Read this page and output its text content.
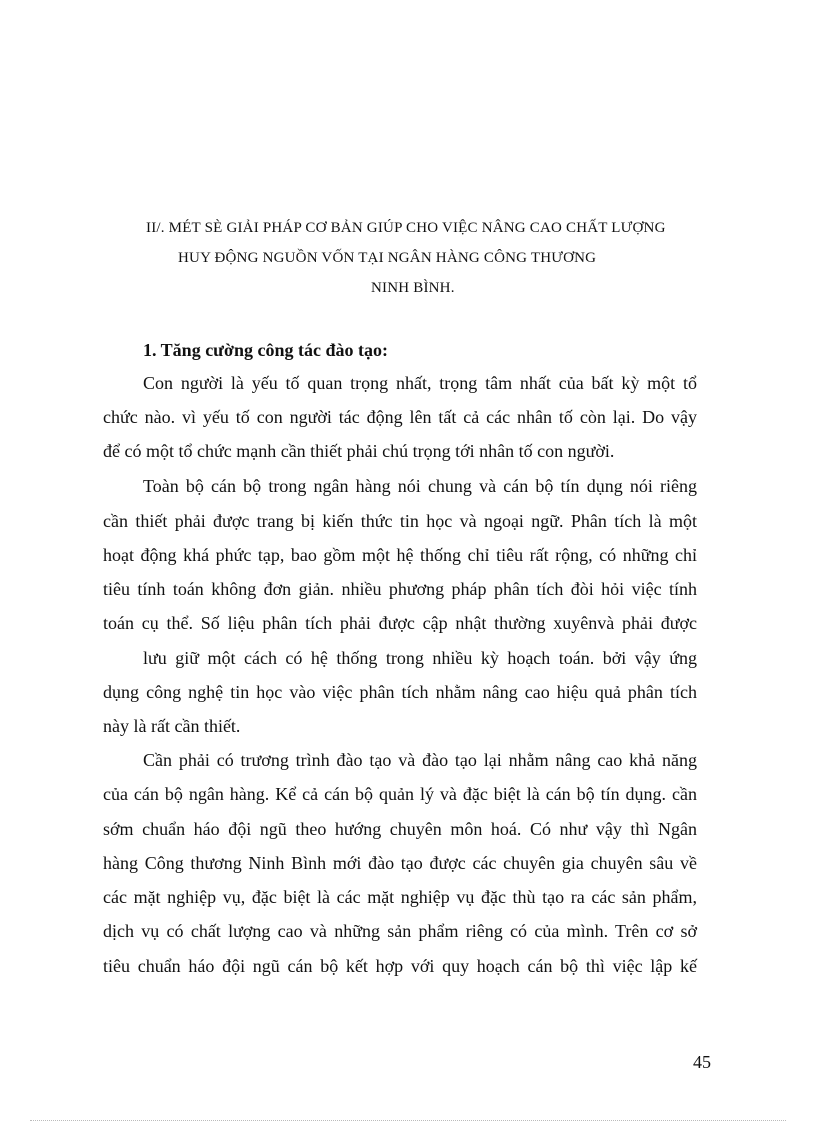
II/. MÉT SÈ GIẢI PHÁP CƠ BẢN GIÚP CHO VIỆC NÂNG CAO CHẤT LƯỢNG
HUY ĐỘNG NGUỒN VỐN TẠI NGÂN HÀNG CÔNG THƯƠNG
NINH BÌNH.
1. Tăng cường công tác đào tạo:
Con người là yếu tố quan trọng nhất, trọng tâm nhất của bất kỳ một tổ
chức nào. vì yếu tố con người tác động lên tất cả các nhân tố còn lại. Do vậy
để có một tổ chức mạnh cần thiết phải chú trọng tới nhân tố con người.
Toàn bộ cán bộ trong ngân hàng nói chung và cán bộ tín dụng nói riêng
cần thiết phải được trang bị kiến thức tin học và ngoại ngữ. Phân tích là một
hoạt động khá phức tạp, bao gồm một hệ thống chỉ tiêu rất rộng, có những chỉ
tiêu tính toán không đơn giản. nhiều phương pháp phân tích đòi hỏi việc tính
toán cụ thể. Số liệu phân tích phải được cập nhật thường xuyênvà phải được
lưu giữ một cách có hệ thống trong nhiều kỳ hoạch toán. bởi vậy ứng
dụng công nghệ tin học vào việc phân tích nhằm nâng cao hiệu quả phân tích
này là rất cần thiết.
Cần phải có trương trình đào tạo và đào tạo lại nhằm nâng cao khả năng
của cán bộ ngân hàng. Kể cả cán bộ quản lý và đặc biệt là cán bộ tín dụng. cần
sớm chuẩn háo đội ngũ theo hướng chuyên môn hoá. Có như vậy thì Ngân
hàng Công thương Ninh Bình mới đào tạo được các chuyên gia chuyên sâu về
các mặt nghiệp vụ, đặc biệt là các mặt nghiệp vụ đặc thù tạo ra các sản phẩm,
dịch vụ có chất lượng cao và những sản phẩm riêng có của mình. Trên cơ sở
tiêu chuẩn háo đội ngũ cán bộ kết hợp với quy hoạch cán bộ thì việc lập kế
45
